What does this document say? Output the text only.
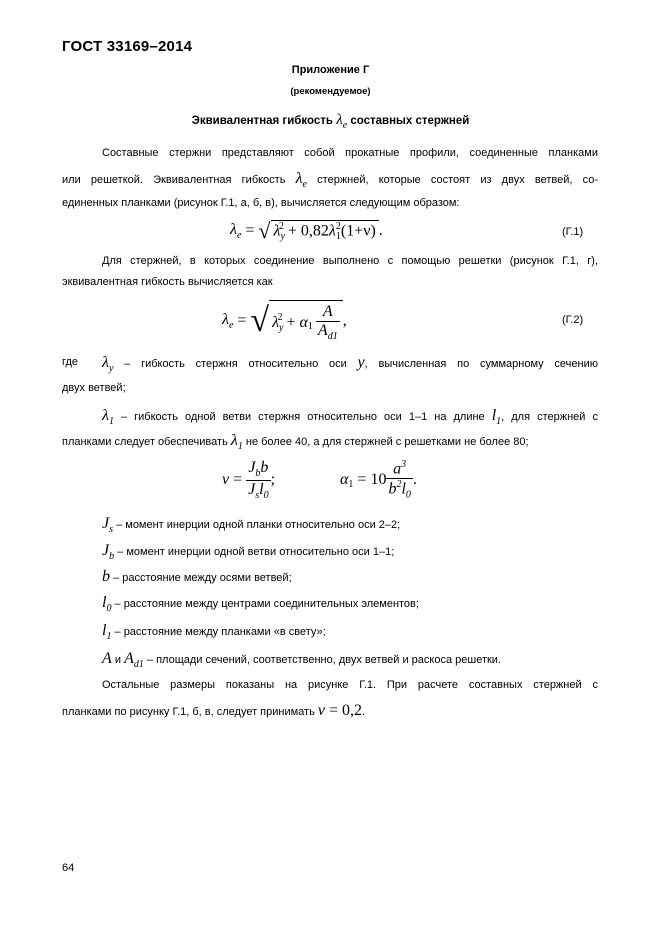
ГОСТ 33169–2014
Приложение Г
(рекомендуемое)
Эквивалентная гибкость $\lambda_e$ составных стержней
Составные стержни представляют собой прокатные профили, соединенные планками
или решеткой. Эквивалентная гибкость $\lambda_e$ стержней, которые состоят из двух ветвей, со-
единенных планками (рисунок Г.1, а, б, в), вычисляется следующим образом:
$\lambda_e$ = √ $\lambda_y^2 + 0,82\lambda_1^2(1+\nu)$ .	(Г.1)
Для стержней, в которых соединение выполнено с помощью решетки (рисунок Г.1, г),
эквивалентная гибкость вычисляется как
$\lambda_e$ = √ λ $_y^2$ + α $_1 \frac{A}{A_{d1}}$ ,	(Г.2)
где $\lambda_y$ – гибкость стержня относительно оси y, вычисленная по суммарному сечению
двух ветвей;
$\lambda_1$ – гибкость одной ветви стержня относительно оси 1–1 на длине $l_1$, для стержней с
планками следует обеспечивать $\lambda_1$ не более 40, а для стержней с решетками не более 80;
$\nu = \frac{J_bb}{J_sl_0}$ ;	α $_1 = 10 \frac{a^3}{b^2l_0}$ .
$J_s$ – момент инерции одной планки относительно оси 2–2;
$J_b$ – момент инерции одной ветви относительно оси 1–1;
b – расстояние между осями ветвей;
$l_0$ – расстояние между центрами соединительных элементов;
$l_1$ – расстояние между планками «в свету»;
A и $A_{d1}$ – площади сечений, соответственно, двух ветвей и раскоса решетки.
Остальные размеры показаны на рисунке Г.1. При расчете составных стержней с
планками по рисунку Г.1, б, в, следует принимать ν = 0,2.
64
